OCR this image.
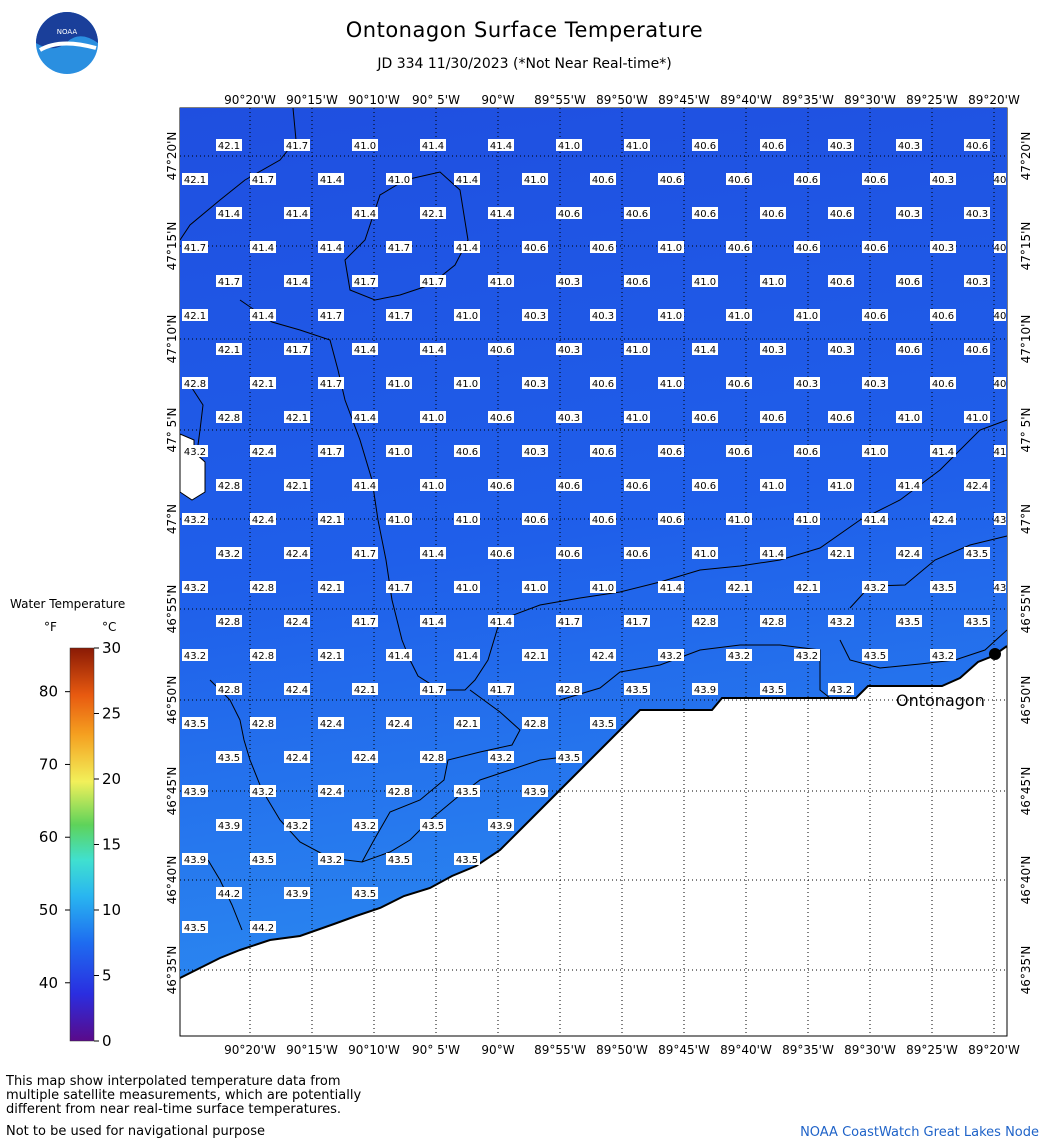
Ontonagon Surface Temperature
JD 334 11/30/2023 (*Not Near Real-time*)
NOAA
42.1	41.7	41.0	41.4	41.4	41.0	41.0	40.6	40.6	40.3	40.3	40.6
42.1	41.7	41.4	41.0	41.4	41.0	40.6	40.6	40.6	40.6	40.6	40.3	40
41.4	41.4	41.4	42.1	41.4	40.6	40.6	40.6	40.6	40.6	40.3	40.3
41.7	41.4	41.4	41.7	41.4	40.6	40.6	41.0	40.6	40.6	40.6	40.3	40
41.7	41.4	41.7	41.7	41.0	40.3	40.6	41.0	41.0	40.6	40.6	40.3
42.1	41.4	41.7	41.7	41.0	40.3	40.3	41.0	41.0	41.0	40.6	40.6	40
42.1	41.7	41.4	41.4	40.6	40.3	41.0	41.4	40.3	40.3	40.6	40.6
42.8	42.1	41.7	41.0	41.0	40.3	40.6	41.0	40.6	40.3	40.3	40.6	40
42.8	42.1	41.4	41.0	40.6	40.3	41.0	40.6	40.6	40.6	41.0	41.0
43.2	42.4	41.7	41.0	40.6	40.3	40.6	40.6	40.6	40.6	41.0	41.4	41
42.8	42.1	41.4	41.0	40.6	40.6	40.6	40.6	41.0	41.0	41.4	42.4
43.2	42.4	42.1	41.0	41.0	40.6	40.6	40.6	41.0	41.0	41.4	42.4	43
43.2	42.4	41.7	41.4	40.6	40.6	40.6	41.0	41.4	42.1	42.4	43.5
43.2	42.8	42.1	41.7	41.0	41.0	41.0	41.4	42.1	42.1	43.2	43.5	43
42.8	42.4	41.7	41.4	41.4	41.7	41.7	42.8	42.8	43.2	43.5	43.5
43.2	42.8	42.1	41.4	41.4	42.1	42.4	43.2	43.2	43.2	43.5	43.2
42.8	42.4	42.1	41.7	41.7	42.8	43.5	43.9	43.5	43.2
43.5	42.8	42.4	42.4	42.1	42.8	43.5
43.5	42.4	42.4	42.8	43.2	43.5
43.9	43.2	42.4	42.8	43.5	43.9
43.9	43.2	43.2	43.5	43.9
43.9	43.5	43.2	43.5	43.5
44.2	43.9	43.5
43.5	44.2
Ontonagon
90°20'W 90°15'W 90°10'W 90° 5'W 90°W 89°55'W 89°50'W 89°45'W 89°40'W 89°35'W 89°30'W 89°25'W 89°20'W
90°20'W 90°15'W 90°10'W 90° 5'W 90°W 89°55'W 89°50'W 89°45'W 89°40'W 89°35'W 89°30'W 89°25'W 89°20'W
47°20'N
47°15'N
47°10'N
47° 5'N
47°N
46°55'N
46°50'N
46°45'N
46°40'N
46°35'N
47°20'N
47°15'N
47°10'N
47° 5'N
47°N
46°55'N
46°50'N
46°45'N
46°40'N
46°35'N
30
25
20
15
10
5
0
80
70
60
50
40
Water Temperature
°F	°C
This map show interpolated temperature data from
multiple satellite measurements, which are potentially
different from near real-time surface temperatures.
Not to be used for navigational purpose	NOAA CoastWatch Great Lakes Node
